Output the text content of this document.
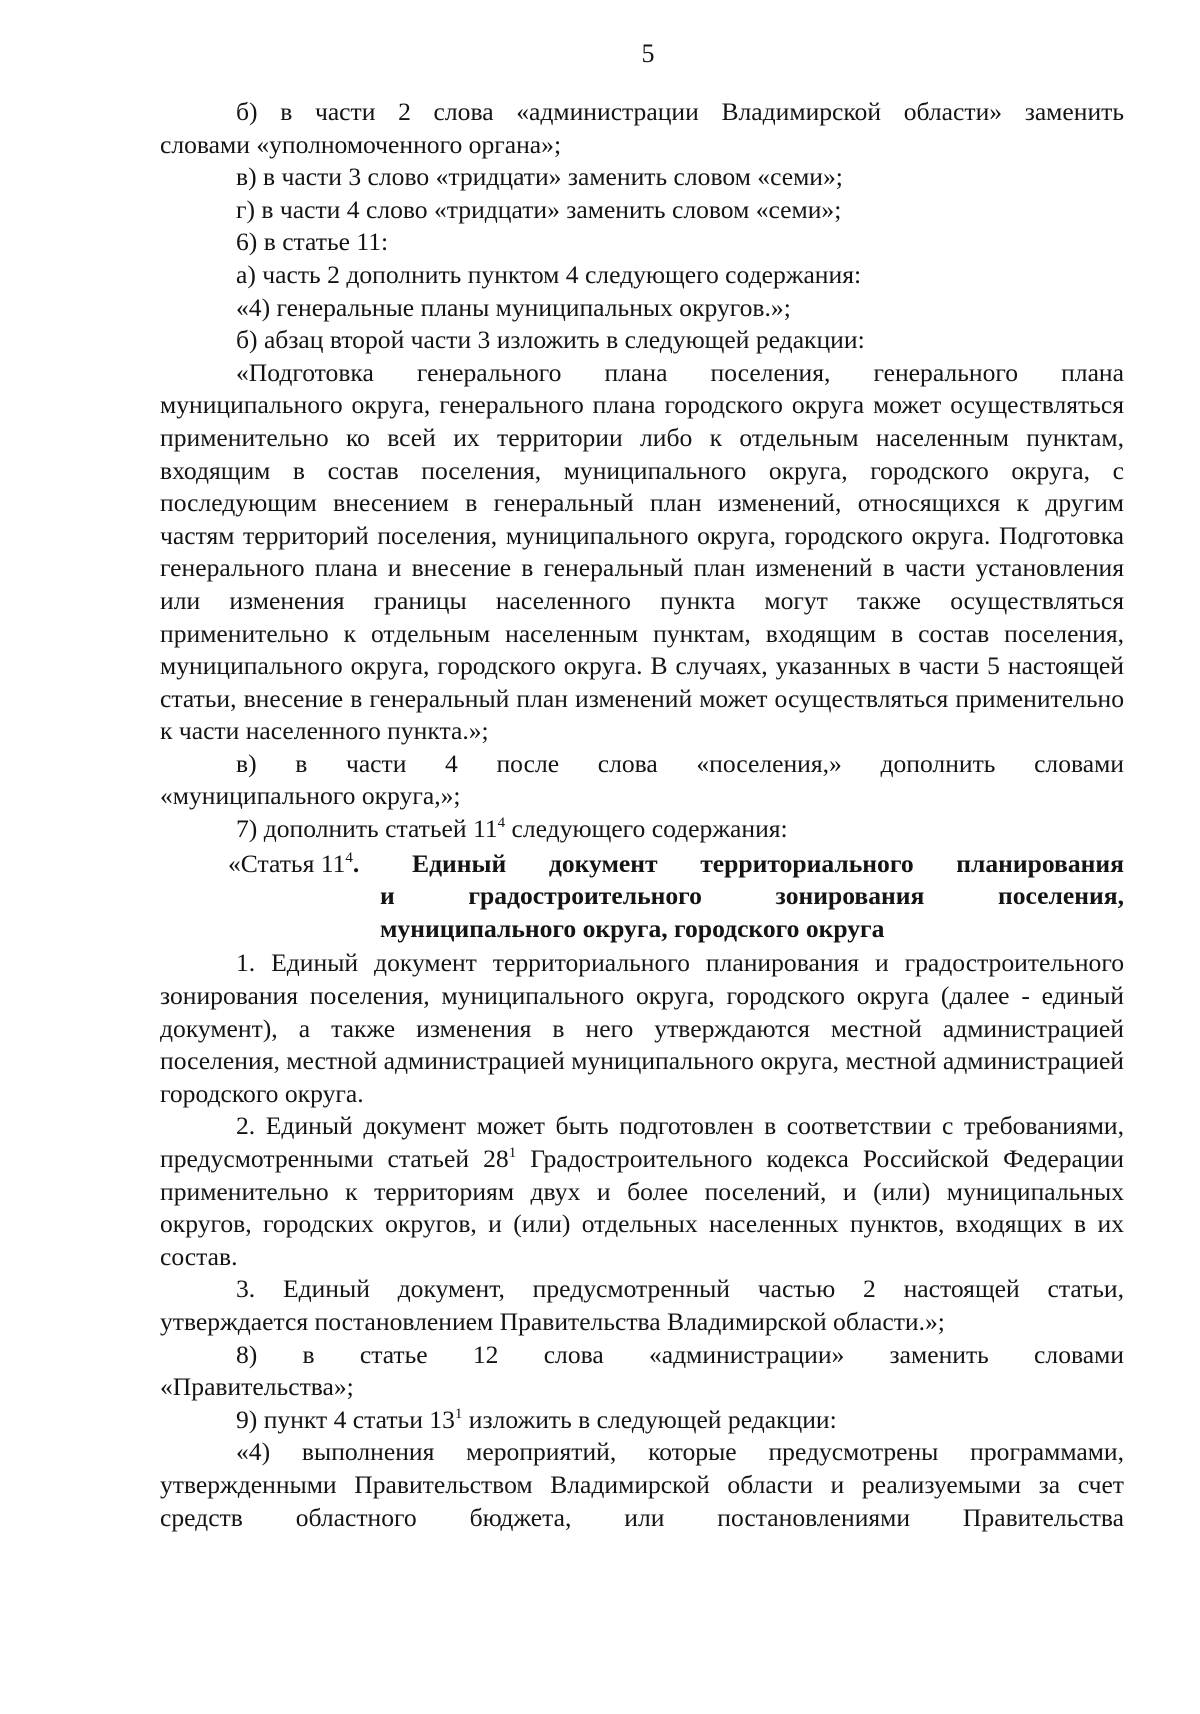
5

б) в части 2 слова «администрации Владимирской области» заменить

словами «уполномоченного органа»;

в) в части 3 слово «тридцати» заменить словом «семи»;

г) в части 4 слово «тридцати» заменить словом «семи»;

6) в статье 11:

а) часть 2 дополнить пунктом 4 следующего содержания:

«4) генеральные планы муниципальных округов.»;

б) абзац второй части 3 изложить в следующей редакции:

«Подготовка генерального плана поселения, генерального плана

муниципального округа, генерального плана городского округа может осуществляться применительно ко всей их территории либо к отдельным населенным пунктам, входящим в состав поселения, муниципального округа, городского округа, с последующим внесением в генеральный план изменений, относящихся к другим частям территорий поселения, муниципального округа, городского округа. Подготовка генерального плана и внесение в генеральный план изменений в части установления или изменения границы населенного пункта могут также осуществляться применительно к отдельным населенным пунктам, входящим в состав поселения, муниципального округа, городского округа. В случаях, указанных в части 5 настоящей статьи, внесение в генеральный план изменений может осуществляться применительно к части населенного пункта.»;

в) в части 4 после слова «поселения,» дополнить словами

«муниципального округа,»;

7) дополнить статьей $11^4$ следующего содержания:

«Статья $11^4$.	Единый документ территориального планирования
и градостроительного зонирования поселения,
муниципального округа, городского округа

1. Единый документ территориального планирования и градостроительного зонирования поселения, муниципального округа, городского округа (далее - единый документ), а также изменения в него утверждаются местной администрацией поселения, местной администрацией муниципального округа, местной администрацией городского округа.

2. Единый документ может быть подготовлен в соответствии с требованиями, предусмотренными статьей $28^1$ Градостроительного кодекса Российской Федерации применительно к территориям двух и более поселений, и (или) муниципальных округов, городских округов, и (или) отдельных населенных пунктов, входящих в их состав.

3. Единый документ, предусмотренный частью 2 настоящей статьи, утверждается постановлением Правительства Владимирской области.»;

8) в статье 12 слова «администрации» заменить словами

«Правительства»;

9) пункт 4 статьи $13^1$ изложить в следующей редакции:

«4) выполнения мероприятий, которые предусмотрены программами, утвержденными Правительством Владимирской области и реализуемыми за счет средств областного бюджета, или постановлениями Правительства
